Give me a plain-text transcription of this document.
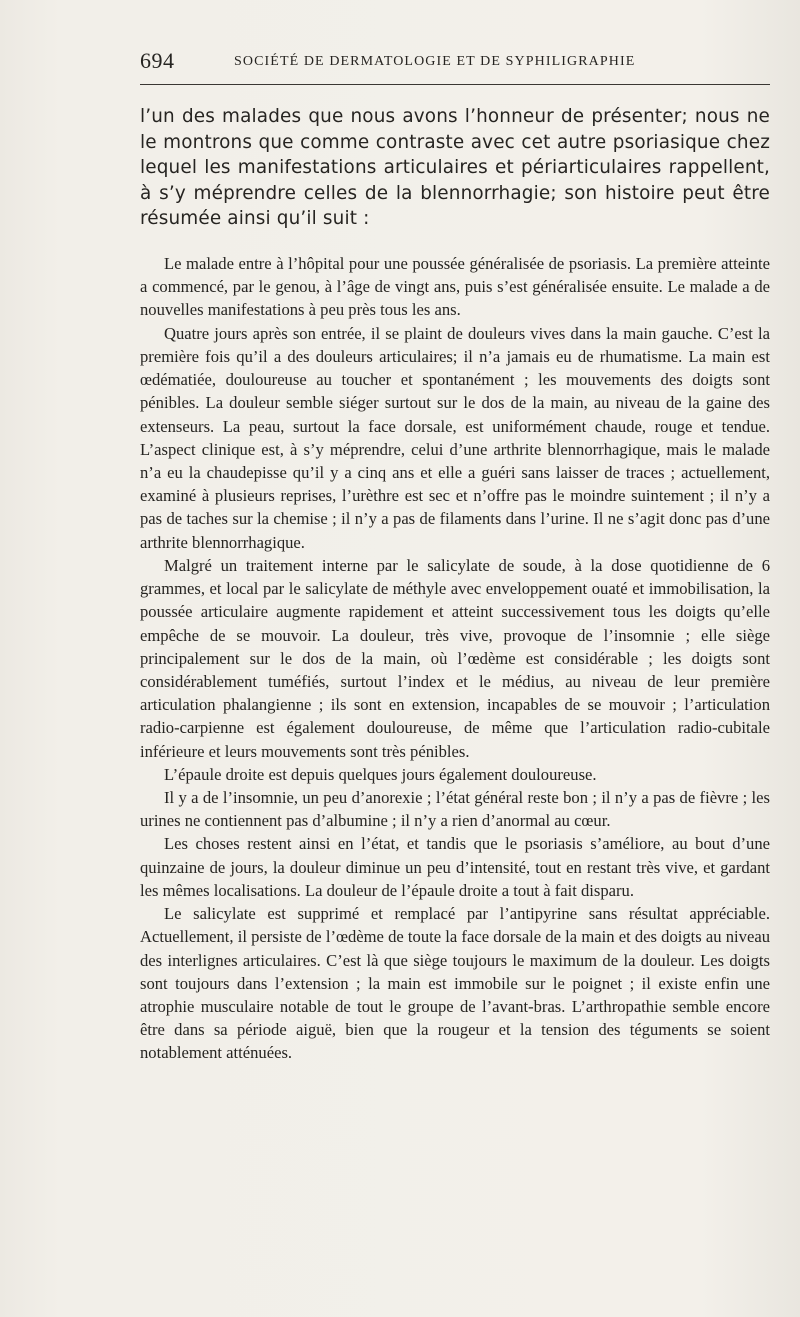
694	SOCIÉTÉ DE DERMATOLOGIE ET DE SYPHILIGRAPHIE

l’un des malades que nous avons l’honneur de présenter; nous ne le montrons que comme contraste avec cet autre psoriasique chez lequel les manifestations articulaires et périarticulaires rappellent, à s’y méprendre celles de la blennorrhagie; son histoire peut être résumée ainsi qu’il suit :

Le malade entre à l’hôpital pour une poussée généralisée de psoriasis. La première atteinte a commencé, par le genou, à l’âge de vingt ans, puis s’est généralisée ensuite. Le malade a de nouvelles manifestations à peu près tous les ans.

Quatre jours après son entrée, il se plaint de douleurs vives dans la main gauche. C’est la première fois qu’il a des douleurs articulaires; il n’a jamais eu de rhumatisme. La main est œdématiée, douloureuse au toucher et spontanément ; les mouvements des doigts sont pénibles. La douleur semble siéger surtout sur le dos de la main, au niveau de la gaine des extenseurs. La peau, surtout la face dorsale, est uniformément chaude, rouge et tendue. L’aspect clinique est, à s’y méprendre, celui d’une arthrite blennorrhagique, mais le malade n’a eu la chaudepisse qu’il y a cinq ans et elle a guéri sans laisser de traces ; actuellement, examiné à plusieurs reprises, l’urèthre est sec et n’offre pas le moindre suintement ; il n’y a pas de taches sur la chemise ; il n’y a pas de filaments dans l’urine. Il ne s’agit donc pas d’une arthrite blennorrhagique.

Malgré un traitement interne par le salicylate de soude, à la dose quotidienne de 6 grammes, et local par le salicylate de méthyle avec enveloppement ouaté et immobilisation, la poussée articulaire augmente rapidement et atteint successivement tous les doigts qu’elle empêche de se mouvoir. La douleur, très vive, provoque de l’insomnie ; elle siège principalement sur le dos de la main, où l’œdème est considérable ; les doigts sont considérablement tuméfiés, surtout l’index et le médius, au niveau de leur première articulation phalangienne ; ils sont en extension, incapables de se mouvoir ; l’articulation radio-carpienne est également douloureuse, de même que l’articulation radio-cubitale inférieure et leurs mouvements sont très pénibles.

L’épaule droite est depuis quelques jours également douloureuse.

Il y a de l’insomnie, un peu d’anorexie ; l’état général reste bon ; il n’y a pas de fièvre ; les urines ne contiennent pas d’albumine ; il n’y a rien d’anormal au cœur.

Les choses restent ainsi en l’état, et tandis que le psoriasis s’améliore, au bout d’une quinzaine de jours, la douleur diminue un peu d’intensité, tout en restant très vive, et gardant les mêmes localisations. La douleur de l’épaule droite a tout à fait disparu.

Le salicylate est supprimé et remplacé par l’antipyrine sans résultat appréciable. Actuellement, il persiste de l’œdème de toute la face dorsale de la main et des doigts au niveau des interlignes articulaires. C’est là que siège toujours le maximum de la douleur. Les doigts sont toujours dans l’extension ; la main est immobile sur le poignet ; il existe enfin une atrophie musculaire notable de tout le groupe de l’avant-bras. L’arthropathie semble encore être dans sa période aiguë, bien que la rougeur et la tension des téguments se soient notablement atténuées.
